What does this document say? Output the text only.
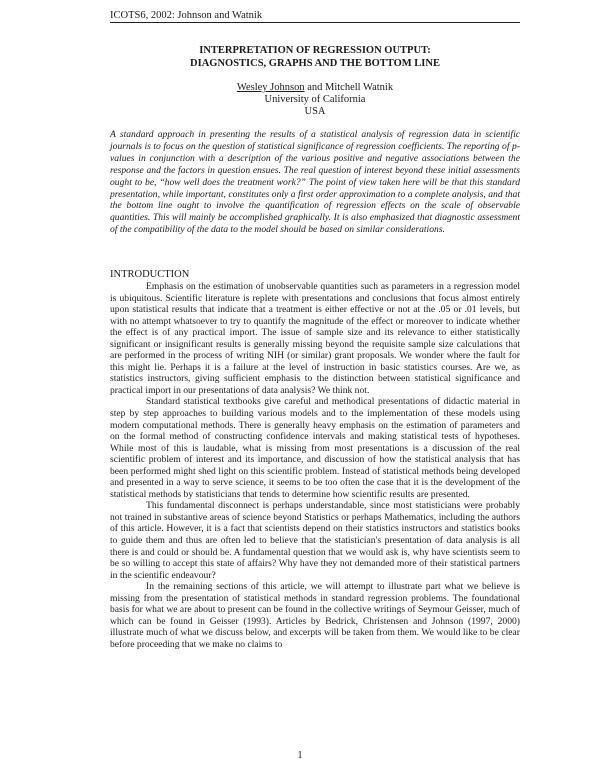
ICOTS6, 2002: Johnson and Watnik
INTERPRETATION OF REGRESSION OUTPUT:
DIAGNOSTICS, GRAPHS AND THE BOTTOM LINE
Wesley Johnson and Mitchell Watnik
University of California
USA

A standard approach in presenting the results of a statistical analysis of regression data in scientific journals is to focus on the question of statistical significance of regression coefficients. The reporting of p-values in conjunction with a description of the various positive and negative associations between the response and the factors in question ensues. The real question of interest beyond these initial assessments ought to be, “how well does the treatment work?” The point of view taken here will be that this standard presentation, while important, constitutes only a first order approximation to a complete analysis, and that the bottom line ought to involve the quantification of regression effects on the scale of observable quantities. This will mainly be accomplished graphically. It is also emphasized that diagnostic assessment of the compatibility of the data to the model should be based on similar considerations.

INTRODUCTION

Emphasis on the estimation of unobservable quantities such as parameters in a regression model is ubiquitous. Scientific literature is replete with presentations and conclusions that focus almost entirely upon statistical results that indicate that a treatment is either effective or not at the .05 or .01 levels, but with no attempt whatsoever to try to quantify the magnitude of the effect or moreover to indicate whether the effect is of any practical import. The issue of sample size and its relevance to either statistically significant or insignificant results is generally missing beyond the requisite sample size calculations that are performed in the process of writing NIH (or similar) grant proposals. We wonder where the fault for this might lie. Perhaps it is a failure at the level of instruction in basic statistics courses. Are we, as statistics instructors, giving sufficient emphasis to the distinction between statistical significance and practical import in our presentations of data analysis? We think not.

Standard statistical textbooks give careful and methodical presentations of didactic material in step by step approaches to building various models and to the implementation of these models using modern computational methods. There is generally heavy emphasis on the estimation of parameters and on the formal method of constructing confidence intervals and making statistical tests of hypotheses. While most of this is laudable, what is missing from most presentations is a discussion of the real scientific problem of interest and its importance, and discussion of how the statistical analysis that has been performed might shed light on this scientific problem. Instead of statistical methods being developed and presented in a way to serve science, it seems to be too often the case that it is the development of the statistical methods by statisticians that tends to determine how scientific results are presented.

This fundamental disconnect is perhaps understandable, since most statisticians were probably not trained in substantive areas of science beyond Statistics or perhaps Mathematics, including the authors of this article. However, it is a fact that scientists depend on their statistics instructors and statistics books to guide them and thus are often led to believe that the statistician's presentation of data analysis is all there is and could or should be. A fundamental question that we would ask is, why have scientists seem to be so willing to accept this state of affairs? Why have they not demanded more of their statistical partners in the scientific endeavour?

In the remaining sections of this article, we will attempt to illustrate part what we believe is missing from the presentation of statistical methods in standard regression problems. The foundational basis for what we are about to present can be found in the collective writings of Seymour Geisser, much of which can be found in Geisser (1993). Articles by Bedrick, Christensen and Johnson (1997, 2000) illustrate much of what we discuss below, and excerpts will be taken from them. We would like to be clear before proceeding that we make no claims to

1
